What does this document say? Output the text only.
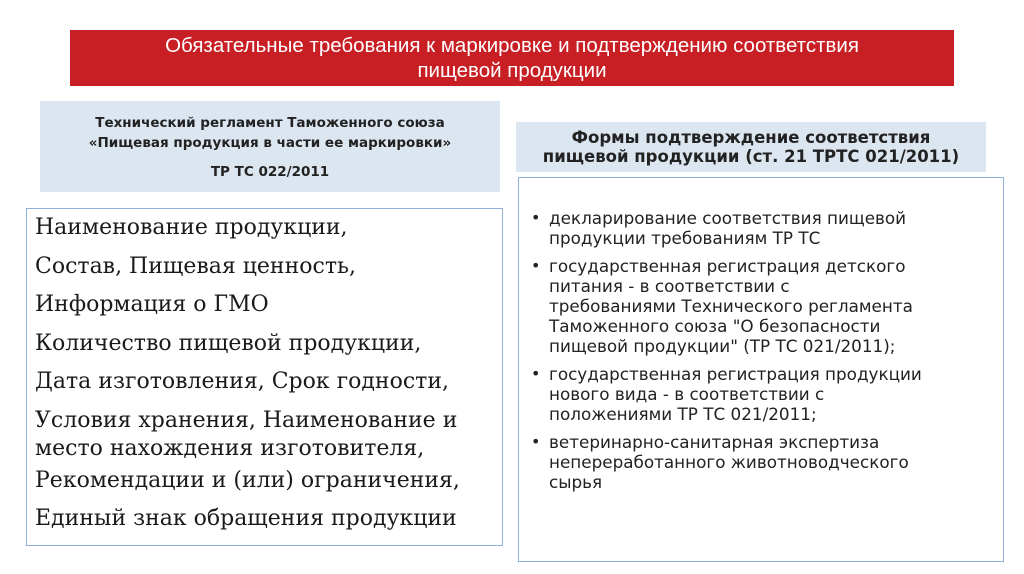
Обязательные требования к маркировке и подтверждению соответствия
пищевой продукции
Технический регламент Таможенного союза
«Пищевая продукция в части ее маркировки»
ТР ТС 022/2011
Формы подтверждение соответствия
пищевой продукции (ст. 21 ТРТС 021/2011)
Наименование продукции,
Состав, Пищевая ценность,
Информация о ГМО
Количество пищевой продукции,
Дата изготовления, Срок годности,
Условия хранения, Наименование и
место нахождения изготовителя,
Рекомендации и (или) ограничения,
Единый знак обращения продукции
• декларирование соответствия пищевой
продукции требованиям ТР ТС
• государственная регистрация детского
питания - в соответствии с
требованиями Технического регламента
Таможенного союза "О безопасности
пищевой продукции" (ТР ТС 021/2011);
• государственная регистрация продукции
нового вида - в соответствии с
положениями ТР ТС 021/2011;
• ветеринарно-санитарная экспертиза
непереработанного животноводческого
сырья
